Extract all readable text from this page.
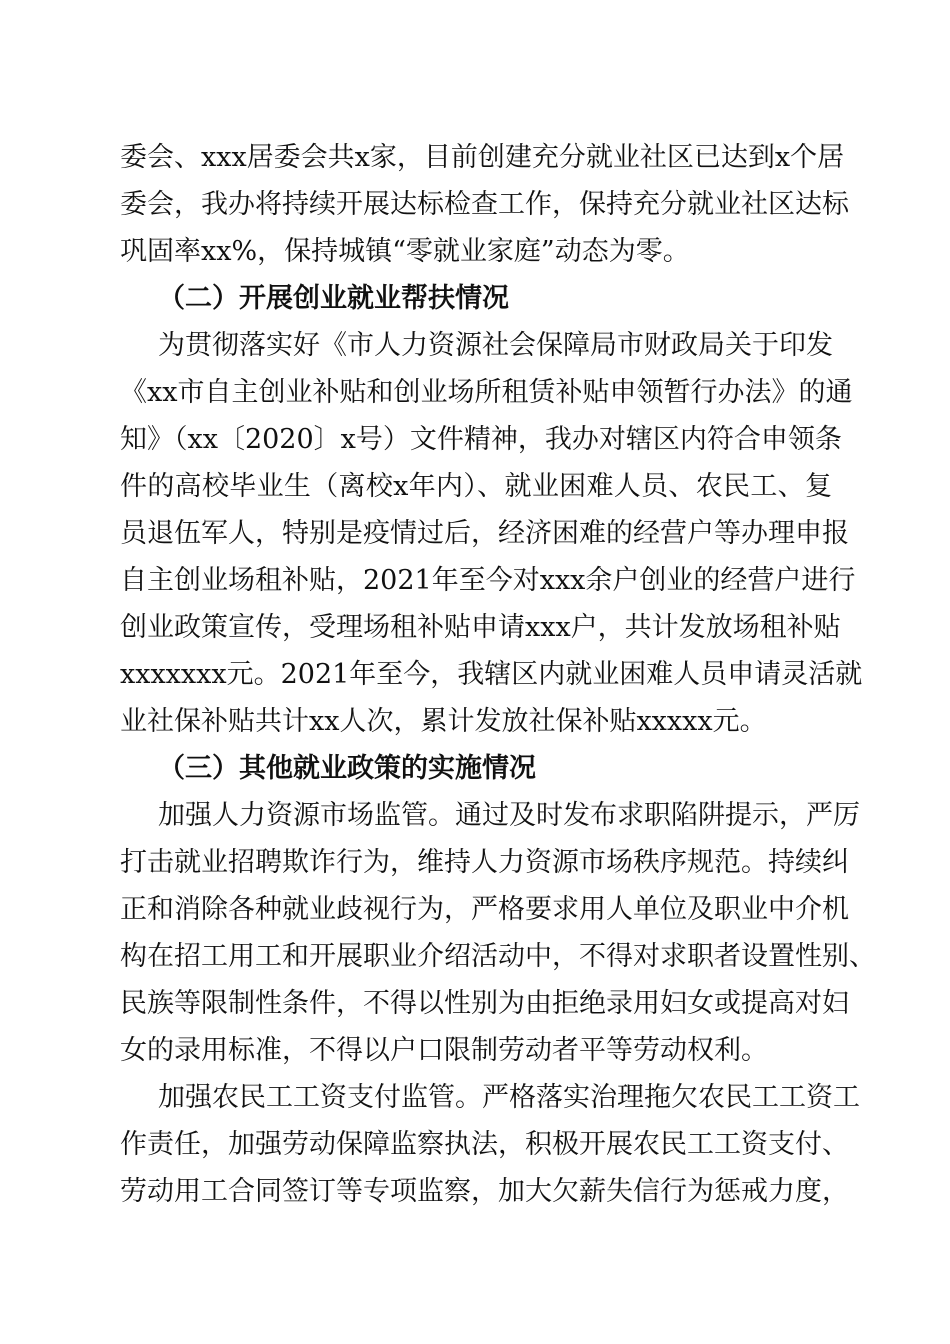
委会、xxx居委会共x家，目前创建充分就业社区已达到x个居
委会，我办将持续开展达标检查工作，保持充分就业社区达标
巩固率xx%，保持城镇“零就业家庭”动态为零。
（二）开展创业就业帮扶情况
为贯彻落实好《市人力资源社会保障局市财政局关于印发
《xx市自主创业补贴和创业场所租赁补贴申领暂行办法》的通
知》（xx〔2020〕x号）文件精神，我办对辖区内符合申领条
件的高校毕业生（离校x年内）、就业困难人员、农民工、复
员退伍军人，特别是疫情过后，经济困难的经营户等办理申报
自主创业场租补贴，2021年至今对xxx余户创业的经营户进行
创业政策宣传，受理场租补贴申请xxx户，共计发放场租补贴
xxxxxxx元。2021年至今，我辖区内就业困难人员申请灵活就
业社保补贴共计xx人次，累计发放社保补贴xxxxx元。
（三）其他就业政策的实施情况
加强人力资源市场监管。通过及时发布求职陷阱提示，严厉
打击就业招聘欺诈行为，维持人力资源市场秩序规范。持续纠
正和消除各种就业歧视行为，严格要求用人单位及职业中介机
构在招工用工和开展职业介绍活动中，不得对求职者设置性别、
民族等限制性条件，不得以性别为由拒绝录用妇女或提高对妇
女的录用标准，不得以户口限制劳动者平等劳动权利。
加强农民工工资支付监管。严格落实治理拖欠农民工工资工
作责任，加强劳动保障监察执法，积极开展农民工工资支付、
劳动用工合同签订等专项监察，加大欠薪失信行为惩戒力度，
